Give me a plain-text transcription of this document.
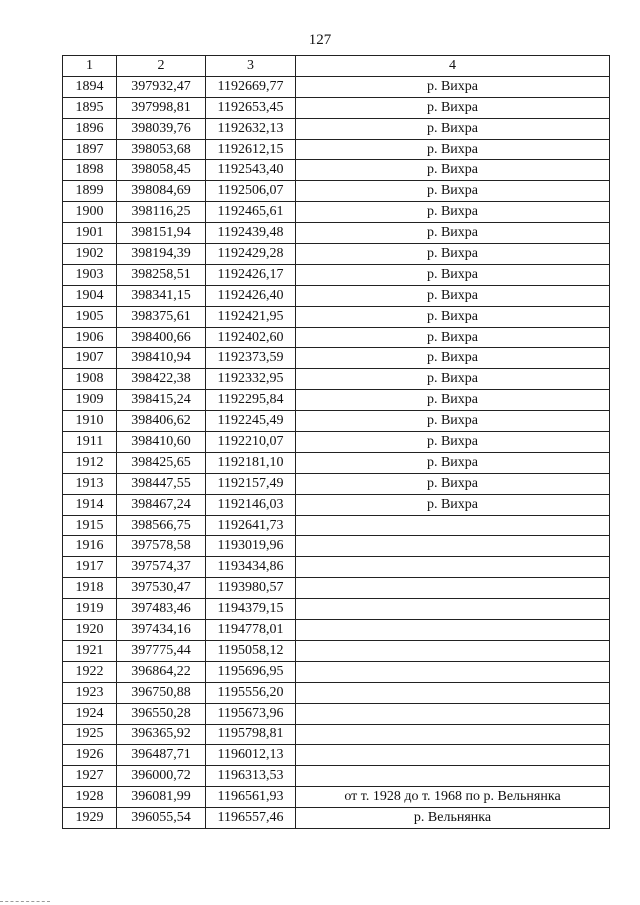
127
1	2	3	4
1894	397932,47	1192669,77	р. Вихра
1895	397998,81	1192653,45	р. Вихра
1896	398039,76	1192632,13	р. Вихра
1897	398053,68	1192612,15	р. Вихра
1898	398058,45	1192543,40	р. Вихра
1899	398084,69	1192506,07	р. Вихра
1900	398116,25	1192465,61	р. Вихра
1901	398151,94	1192439,48	р. Вихра
1902	398194,39	1192429,28	р. Вихра
1903	398258,51	1192426,17	р. Вихра
1904	398341,15	1192426,40	р. Вихра
1905	398375,61	1192421,95	р. Вихра
1906	398400,66	1192402,60	р. Вихра
1907	398410,94	1192373,59	р. Вихра
1908	398422,38	1192332,95	р. Вихра
1909	398415,24	1192295,84	р. Вихра
1910	398406,62	1192245,49	р. Вихра
1911	398410,60	1192210,07	р. Вихра
1912	398425,65	1192181,10	р. Вихра
1913	398447,55	1192157,49	р. Вихра
1914	398467,24	1192146,03	р. Вихра
1915	398566,75	1192641,73	
1916	397578,58	1193019,96	
1917	397574,37	1193434,86	
1918	397530,47	1193980,57	
1919	397483,46	1194379,15	
1920	397434,16	1194778,01	
1921	397775,44	1195058,12	
1922	396864,22	1195696,95	
1923	396750,88	1195556,20	
1924	396550,28	1195673,96	
1925	396365,92	1195798,81	
1926	396487,71	1196012,13	
1927	396000,72	1196313,53	
1928	396081,99	1196561,93	от т. 1928 до т. 1968 по р. Вельнянка
1929	396055,54	1196557,46	р. Вельнянка
